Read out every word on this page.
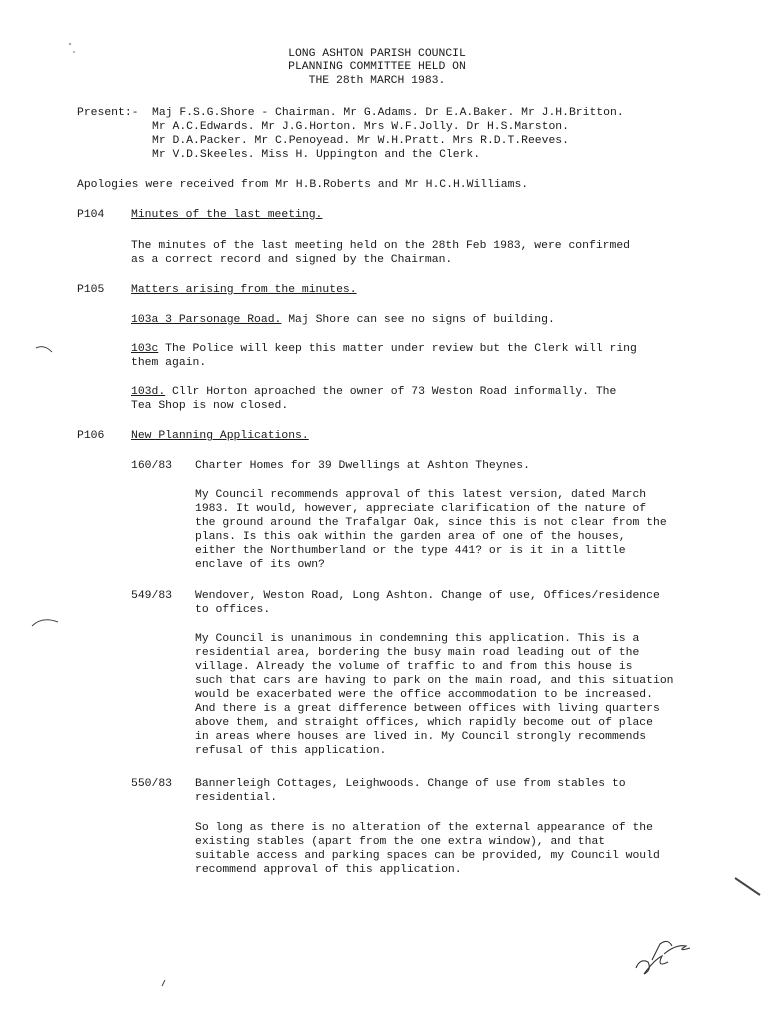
LONG ASHTON PARISH COUNCIL
PLANNING COMMITTEE HELD ON
THE 28th MARCH 1983.
Present:- Maj F.S.G.Shore - Chairman. Mr G.Adams. Dr E.A.Baker. Mr J.H.Britton.
Mr A.C.Edwards. Mr J.G.Horton. Mrs W.F.Jolly. Dr H.S.Marston.
Mr D.A.Packer. Mr C.Penoyead. Mr W.H.Pratt. Mrs R.D.T.Reeves.
Mr V.D.Skeeles. Miss H. Uppington and the Clerk.
Apologies were received from Mr H.B.Roberts and Mr H.C.H.Williams.
P104 Minutes of the last meeting.
The minutes of the last meeting held on the 28th Feb 1983, were confirmed
as a correct record and signed by the Chairman.
P105 Matters arising from the minutes.
103a 3 Parsonage Road. Maj Shore can see no signs of building.
103c The Police will keep this matter under review but the Clerk will ring
them again.
103d. Cllr Horton aproached the owner of 73 Weston Road informally. The
Tea Shop is now closed.
P106 New Planning Applications.
160/83 Charter Homes for 39 Dwellings at Ashton Theynes.
My Council recommends approval of this latest version, dated March
1983. It would, however, appreciate clarification of the nature of
the ground around the Trafalgar Oak, since this is not clear from the
plans. Is this oak within the garden area of one of the houses,
either the Northumberland or the type 441? or is it in a little
enclave of its own?
549/83 Wendover, Weston Road, Long Ashton. Change of use, Offices/residence
to offices.
My Council is unanimous in condemning this application. This is a
residential area, bordering the busy main road leading out of the
village. Already the volume of traffic to and from this house is
such that cars are having to park on the main road, and this situation
would be exacerbated were the office accommodation to be increased.
And there is a great difference between offices with living quarters
above them, and straight offices, which rapidly become out of place
in areas where houses are lived in. My Council strongly recommends
refusal of this application.
550/83 Bannerleigh Cottages, Leighwoods. Change of use from stables to
residential.
So long as there is no alteration of the external appearance of the
existing stables (apart from the one extra window), and that
suitable access and parking spaces can be provided, my Council would
recommend approval of this application.
